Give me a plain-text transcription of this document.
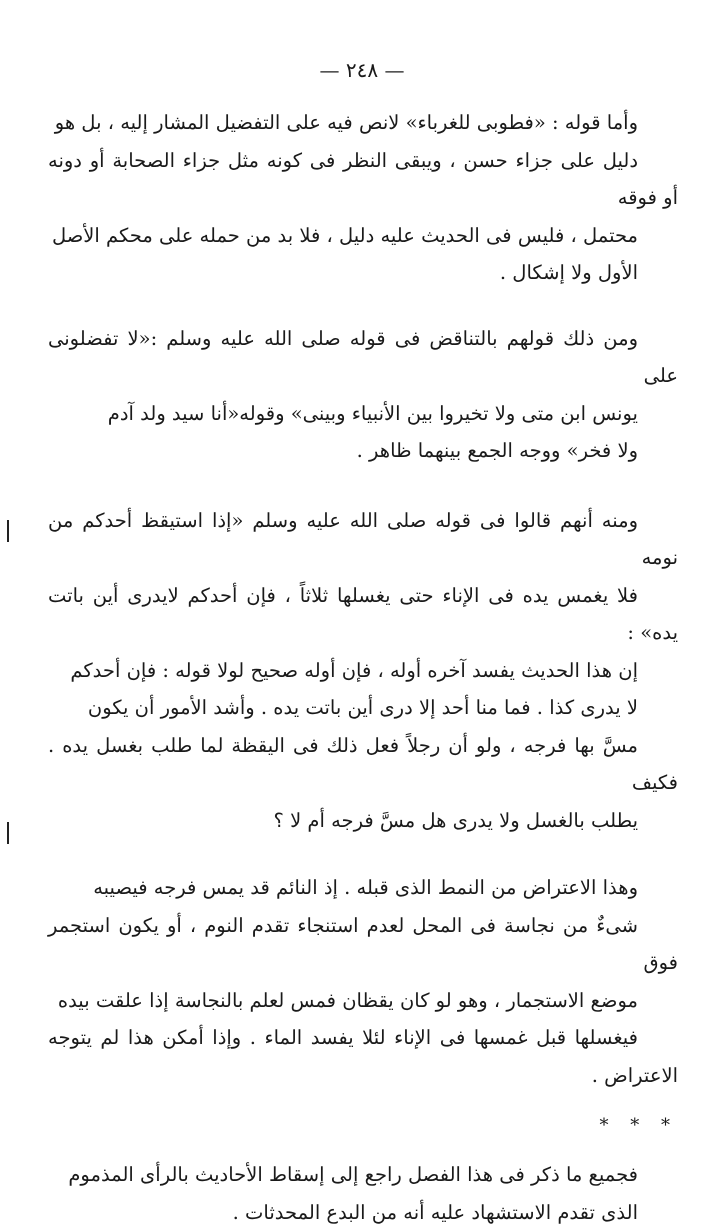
— ٢٤٨ —
وأما قوله : «فطوبى للغرباء» لانص فيه على التفضيل المشار إليه ، بل هو
دليل على جزاء حسن ، ويبقى النظر فى كونه مثل جزاء الصحابة أو دونه أو فوقه
محتمل ، فليس فى الحديث عليه دليل ، فلا بد من حمله على محكم الأصل
الأول ولا إشكال .
ومن ذلك قولهم بالتناقض فى قوله صلى الله عليه وسلم :«لا تفضلونى على
يونس ابن متى ولا تخيروا بين الأنبياء وبينى» وقوله«أنا سيد ولد آدم
ولا فخر» ووجه الجمع بينهما ظاهر .
ومنه أنهم قالوا فى قوله صلى الله عليه وسلم «إذا استيقظ أحدكم من نومه
فلا يغمس يده فى الإناء حتى يغسلها ثلاثاً ، فإن أحدكم لايدرى أين باتت يده» :
إن هذا الحديث يفسد آخره أوله ، فإن أوله صحيح لولا قوله : فإن أحدكم
لا يدرى كذا . فما منا أحد إلا درى أين باتت يده . وأشد الأمور أن يكون
مسَّ بها فرجه ، ولو أن رجلاً فعل ذلك فى اليقظة لما طلب بغسل يده . فكيف
يطلب بالغسل ولا يدرى هل مسَّ فرجه أم لا ؟
وهذا الاعتراض من النمط الذى قبله . إذ النائم قد يمس فرجه فيصيبه
شىءٌ من نجاسة فى المحل لعدم استنجاء تقدم النوم ، أو يكون استجمر فوق
موضع الاستجمار ، وهو لو كان يقظان فمس لعلم بالنجاسة إذا علقت بيده
فيغسلها قبل غمسها فى الإناء لئلا يفسد الماء . وإذا أمكن هذا لم يتوجه الاعتراض .
* * *
فجميع ما ذكر فى هذا الفصل راجع إلى إسقاط الأحاديث بالرأى المذموم
الذى تقدم الاستشهاد عليه أنه من البدع المحدثات .
